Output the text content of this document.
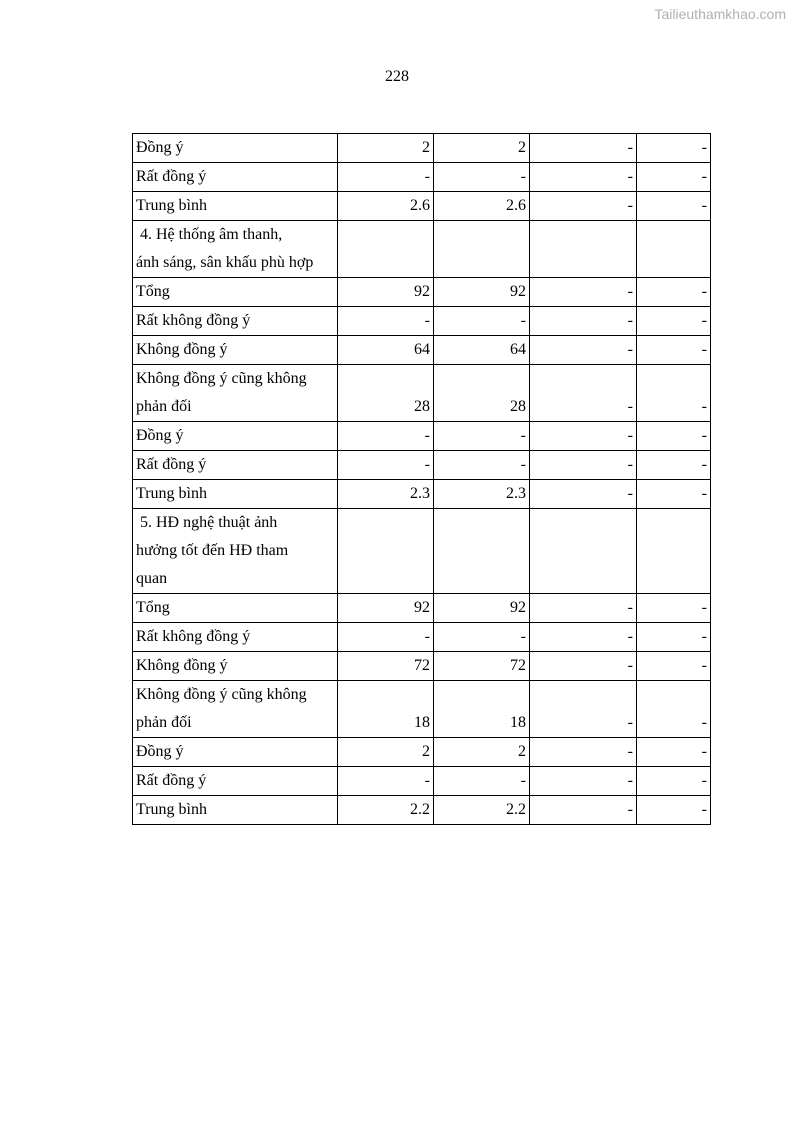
Tailieuthamkhao.com
228
Đồng ý	2	2	-	-
Rất đồng ý	-	-	-	-
Trung bình	2.6	2.6	-	-

4. Hệ thống âm thanh,
ánh sáng, sân khấu phù hợp				

Tổng	92	92	-	-
Rất không đồng ý	-	-	-	-
Không đồng ý	64	64	-	-

Không đồng ý cũng không
phản đối	28	28	-	-
Đồng ý	-	-	-	-
Rất đồng ý	-	-	-	-
Trung bình	2.3	2.3	-	-

5. HĐ nghệ thuật ảnh
hưởng tốt đến HĐ tham
quan				

Tổng	92	92	-	-
Rất không đồng ý	-	-	-	-
Không đồng ý	72	72	-	-

Không đồng ý cũng không
phản đối	18	18	-	-
Đồng ý	2	2	-	-
Rất đồng ý	-	-	-	-
Trung bình	2.2	2.2	-	-
